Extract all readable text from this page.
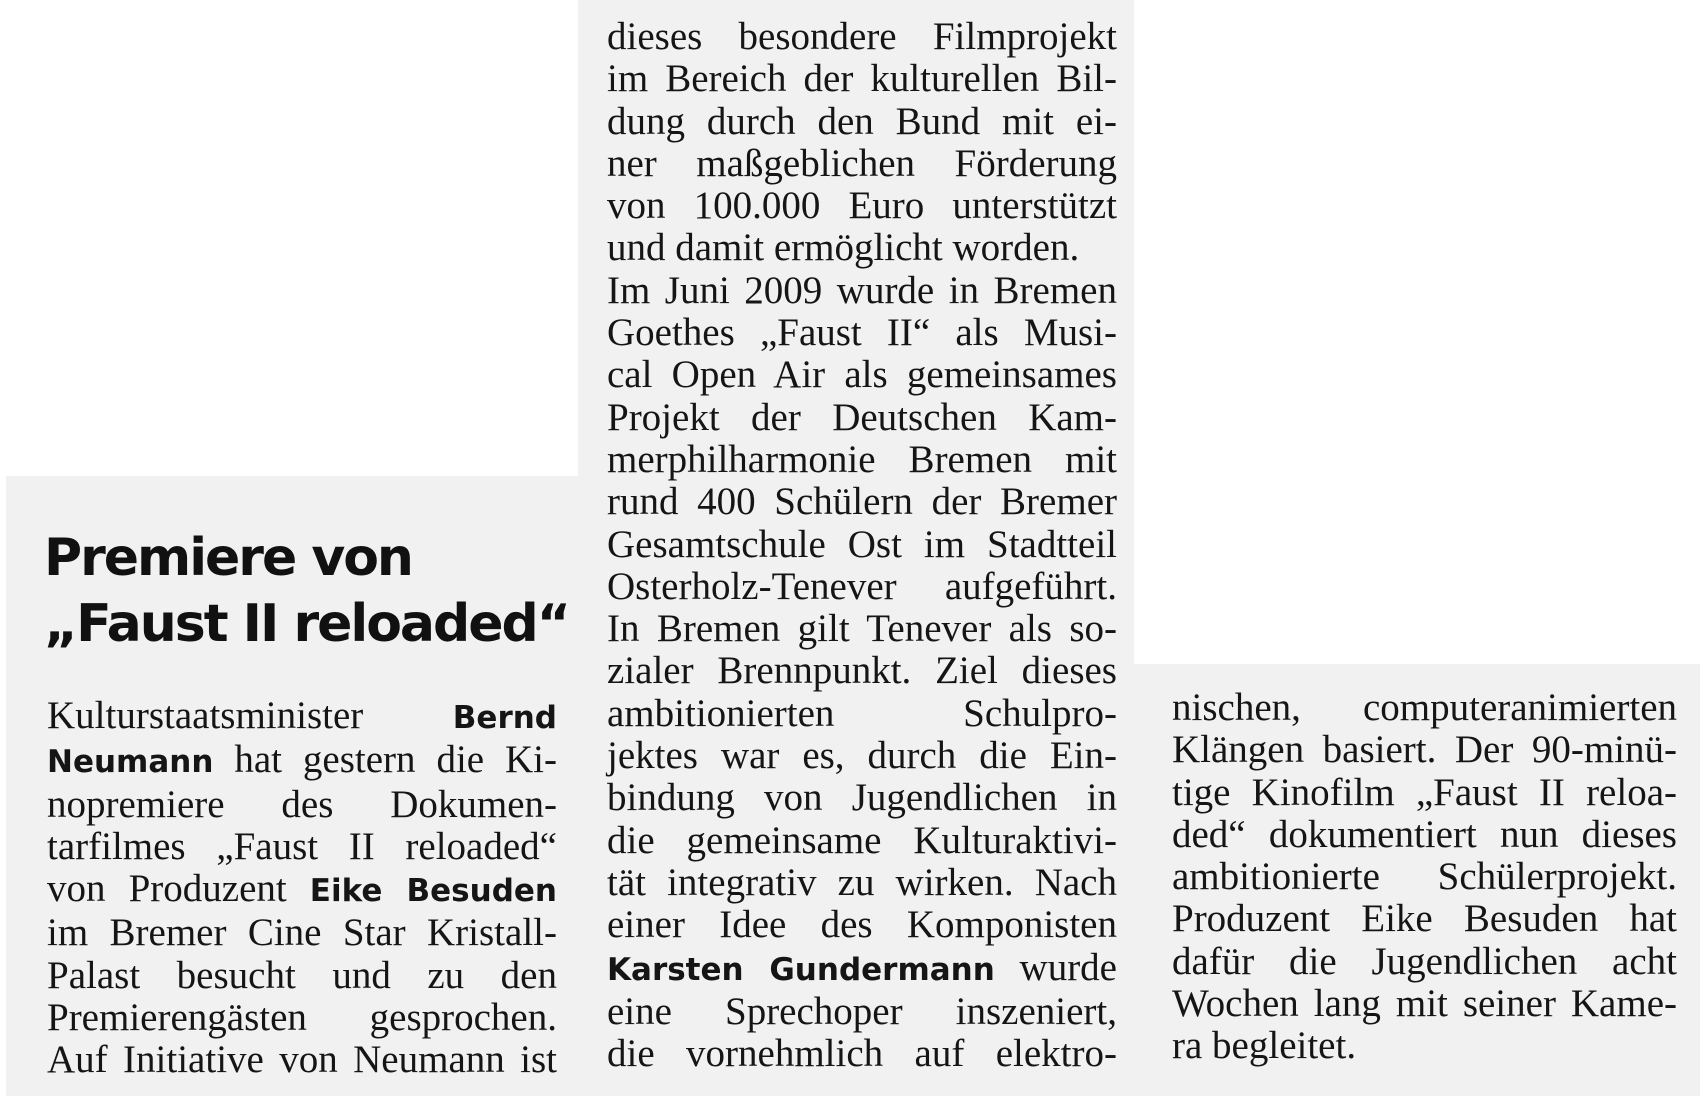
Premiere von
„Faust II reloaded“
Kulturstaatsminister Bernd
Neumann hat gestern die Ki-
nopremiere des Dokumen-
tarfilmes „Faust II reloaded“
von Produzent Eike Besuden
im Bremer Cine Star Kristall-
Palast besucht und zu den
Premierengästen gesprochen.
Auf Initiative von Neumann ist
dieses besondere Filmprojekt
im Bereich der kulturellen Bil-
dung durch den Bund mit ei-
ner maßgeblichen Förderung
von 100.000 Euro unterstützt
und damit ermöglicht worden.
Im Juni 2009 wurde in Bremen
Goethes „Faust II“ als Musi-
cal Open Air als gemeinsames
Projekt der Deutschen Kam-
merphilharmonie Bremen mit
rund 400 Schülern der Bremer
Gesamtschule Ost im Stadtteil
Osterholz-Tenever aufgeführt.
In Bremen gilt Tenever als so-
zialer Brennpunkt. Ziel dieses
ambitionierten Schulpro-
jektes war es, durch die Ein-
bindung von Jugendlichen in
die gemeinsame Kulturaktivi-
tät integrativ zu wirken. Nach
einer Idee des Komponisten
Karsten Gundermann wurde
eine Sprechoper inszeniert,
die vornehmlich auf elektro-
nischen, computeranimierten
Klängen basiert. Der 90-minü-
tige Kinofilm „Faust II reloa-
ded“ dokumentiert nun dieses
ambitionierte Schülerprojekt.
Produzent Eike Besuden hat
dafür die Jugendlichen acht
Wochen lang mit seiner Kame-
ra begleitet.
